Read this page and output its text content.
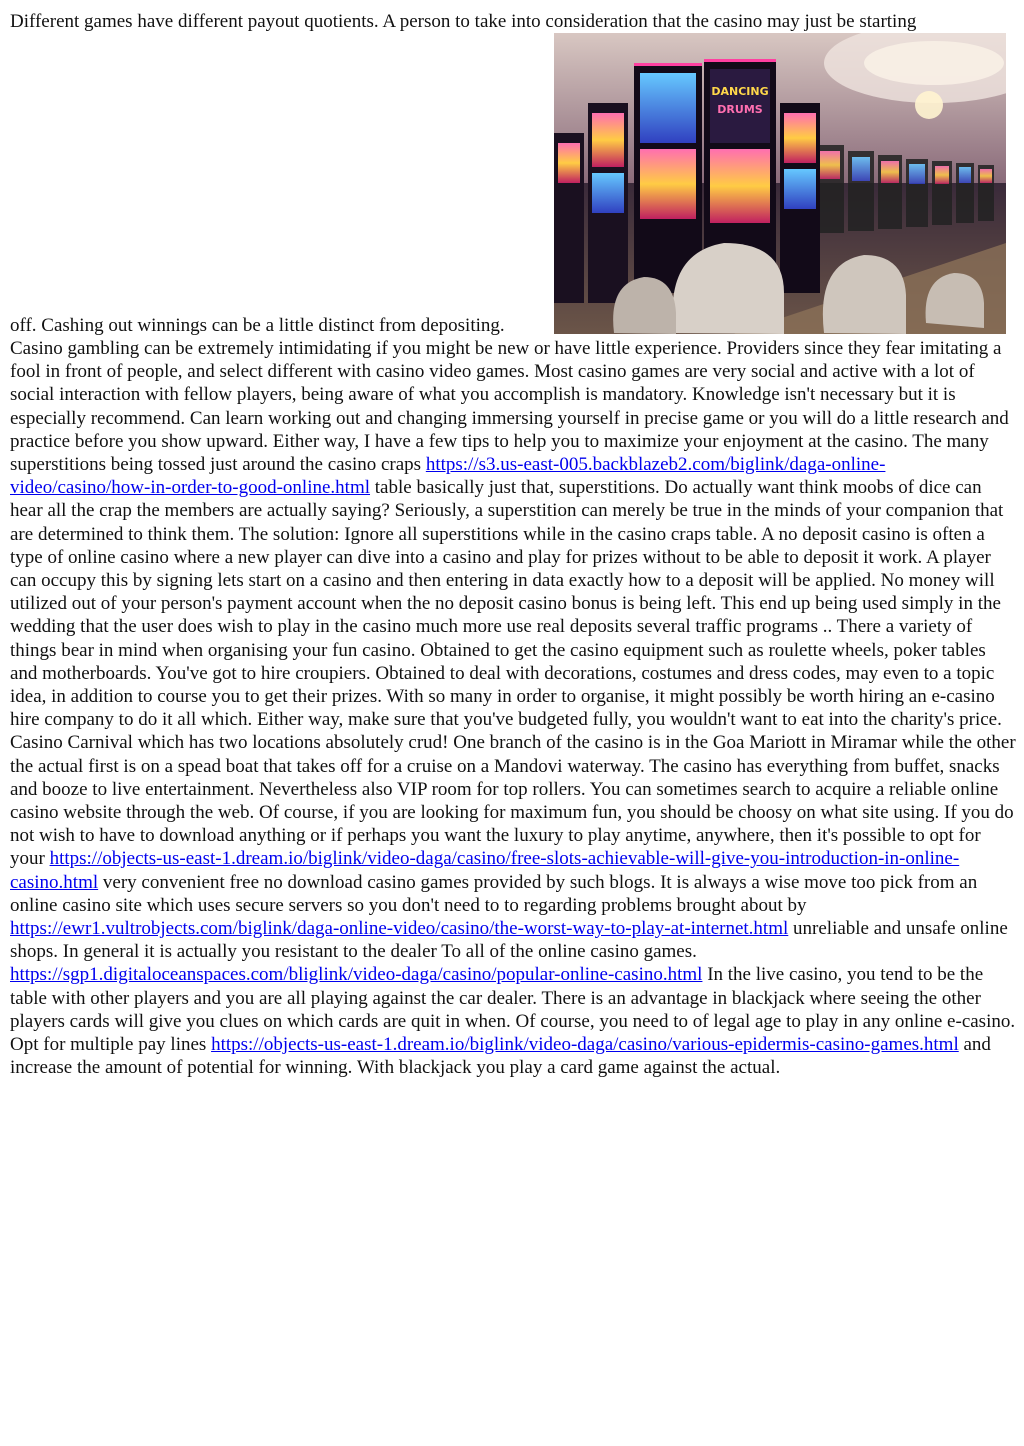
Different games have different payout quotients. A person to take into consideration that the casino may just be starting
DANCING
DRUMS
off. Cashing out winnings can be a little distinct from depositing.

Casino gambling can be extremely intimidating if you might be new or have little experience. Providers since they fear imitating a fool in front of people, and select different with casino video games. Most casino games are very social and active with a lot of social interaction with fellow players, being aware of what you accomplish is mandatory. Knowledge isn't necessary but it is especially recommend. Can learn working out and changing immersing yourself in precise game or you will do a little research and practice before you show upward. Either way, I have a few tips to help you to maximize your enjoyment at the casino. The many superstitions being tossed just around the casino craps https://s3.us-east-005.backblazeb2.com/biglink/daga-online-video/casino/how-in-order-to-good-online.html table basically just that, superstitions. Do actually want think moobs of dice can hear all the crap the members are actually saying? Seriously, a superstition can merely be true in the minds of your companion that are determined to think them. The solution: Ignore all superstitions while in the casino craps table. A no deposit casino is often a type of online casino where a new player can dive into a casino and play for prizes without to be able to deposit it work. A player can occupy this by signing lets start on a casino and then entering in data exactly how to a deposit will be applied. No money will utilized out of your person's payment account when the no deposit casino bonus is being left. This end up being used simply in the wedding that the user does wish to play in the casino much more use real deposits several traffic programs .. There a variety of things bear in mind when organising your fun casino. Obtained to get the casino equipment such as roulette wheels, poker tables and motherboards. You've got to hire croupiers. Obtained to deal with decorations, costumes and dress codes, may even to a topic idea, in addition to course you to get their prizes. With so many in order to organise, it might possibly be worth hiring an e-casino hire company to do it all which. Either way, make sure that you've budgeted fully, you wouldn't want to eat into the charity's price. Casino Carnival which has two locations absolutely crud! One branch of the casino is in the Goa Mariott in Miramar while the other the actual first is on a spead boat that takes off for a cruise on a Mandovi waterway. The casino has everything from buffet, snacks and booze to live entertainment. Nevertheless also VIP room for top rollers. You can sometimes search to acquire a reliable online casino website through the web. Of course, if you are looking for maximum fun, you should be choosy on what site using. If you do not wish to have to download anything or if perhaps you want the luxury to play anytime, anywhere, then it's possible to opt for your https://objects-us-east-1.dream.io/biglink/video-daga/casino/free-slots-achievable-will-give-you-introduction-in-online-casino.html very convenient free no download casino games provided by such blogs. It is always a wise move too pick from an online casino site which uses secure servers so you don't need to to regarding problems brought about by https://ewr1.vultrobjects.com/biglink/daga-online-video/casino/the-worst-way-to-play-at-internet.html unreliable and unsafe online shops. In general it is actually you resistant to the dealer To all of the online casino games. https://sgp1.digitaloceanspaces.com/bliglink/video-daga/casino/popular-online-casino.html In the live casino, you tend to be the table with other players and you are all playing against the car dealer. There is an advantage in blackjack where seeing the other players cards will give you clues on which cards are quit in when. Of course, you need to of legal age to play in any online e-casino. Opt for multiple pay lines https://objects-us-east-1.dream.io/biglink/video-daga/casino/various-epidermis-casino-games.html and increase the amount of potential for winning. With blackjack you play a card game against the actual.
